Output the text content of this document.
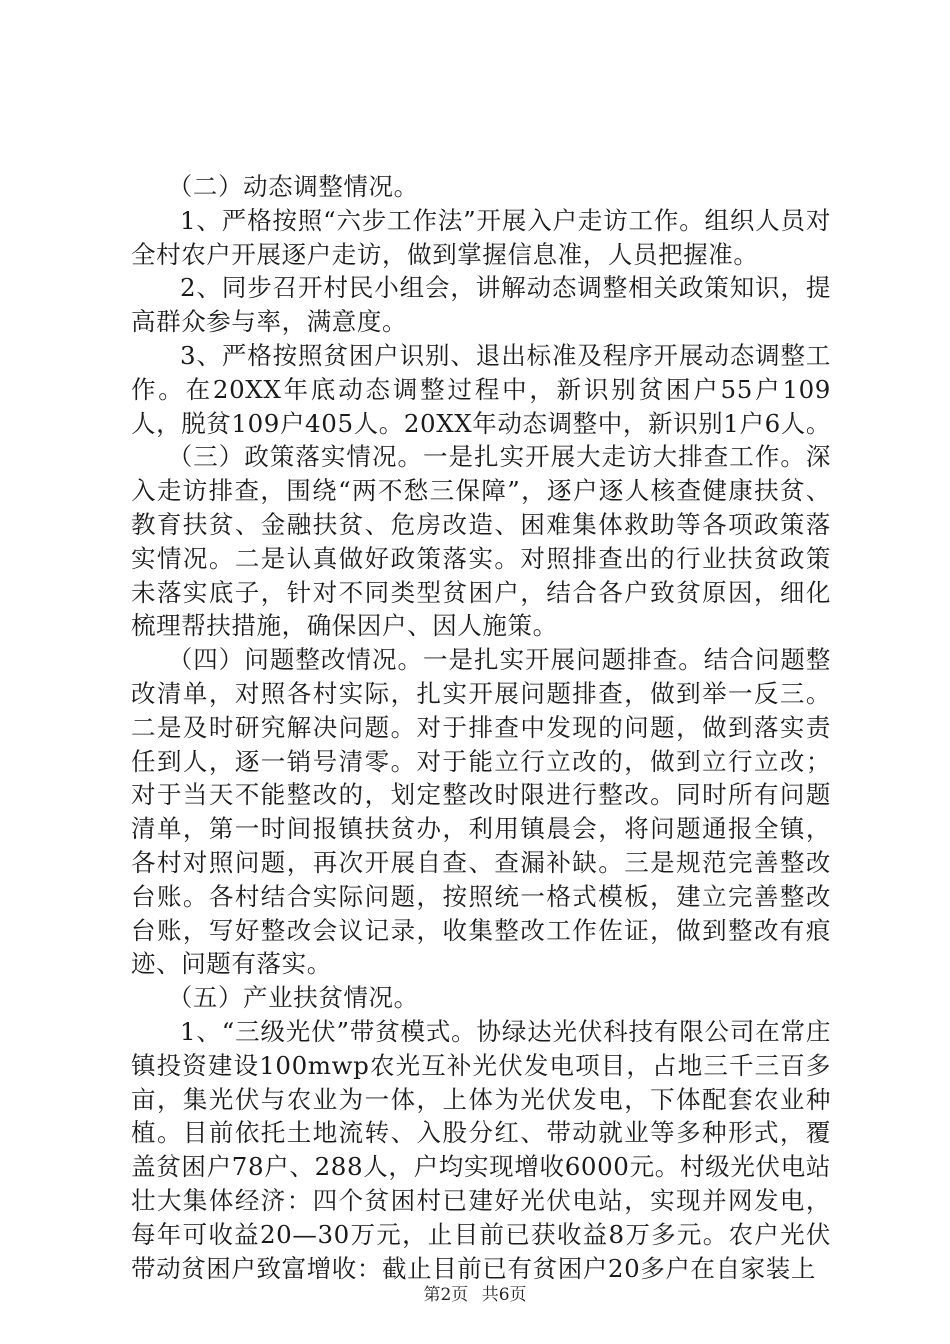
（二）动态调整情况。

1、严格按照“六步工作法”开展入户走访工作。组织人员对全村农户开展逐户走访，做到掌握信息准，人员把握准。

2、同步召开村民小组会，讲解动态调整相关政策知识，提高群众参与率，满意度。

3、严格按照贫困户识别、退出标准及程序开展动态调整工作。在20XX年底动态调整过程中，新识别贫困户55户109人，脱贫109户405人。20XX年动态调整中，新识别1户6人。

（三）政策落实情况。一是扎实开展大走访大排查工作。深入走访排查，围绕“两不愁三保障”，逐户逐人核查健康扶贫、教育扶贫、金融扶贫、危房改造、困难集体救助等各项政策落实情况。二是认真做好政策落实。对照排查出的行业扶贫政策未落实底子，针对不同类型贫困户，结合各户致贫原因，细化梳理帮扶措施，确保因户、因人施策。

（四）问题整改情况。一是扎实开展问题排查。结合问题整改清单，对照各村实际，扎实开展问题排查，做到举一反三。二是及时研究解决问题。对于排查中发现的问题，做到落实责任到人，逐一销号清零。对于能立行立改的，做到立行立改；对于当天不能整改的，划定整改时限进行整改。同时所有问题清单，第一时间报镇扶贫办，利用镇晨会，将问题通报全镇，各村对照问题，再次开展自查、查漏补缺。三是规范完善整改台账。各村结合实际问题，按照统一格式模板，建立完善整改台账，写好整改会议记录，收集整改工作佐证，做到整改有痕迹、问题有落实。

（五）产业扶贫情况。

1、“三级光伏”带贫模式。协绿达光伏科技有限公司在常庄镇投资建设100mwp农光互补光伏发电项目，占地三千三百多亩，集光伏与农业为一体，上体为光伏发电，下体配套农业种植。目前依托土地流转、入股分红、带动就业等多种形式，覆盖贫困户78户、288人，户均实现增收6000元。村级光伏电站壮大集体经济：四个贫困村已建好光伏电站，实现并网发电，每年可收益20—30万元，止目前已获收益8万多元。农户光伏带动贫困户致富增收：截止目前已有贫困户20多户在自家装上

第2页 共6页
